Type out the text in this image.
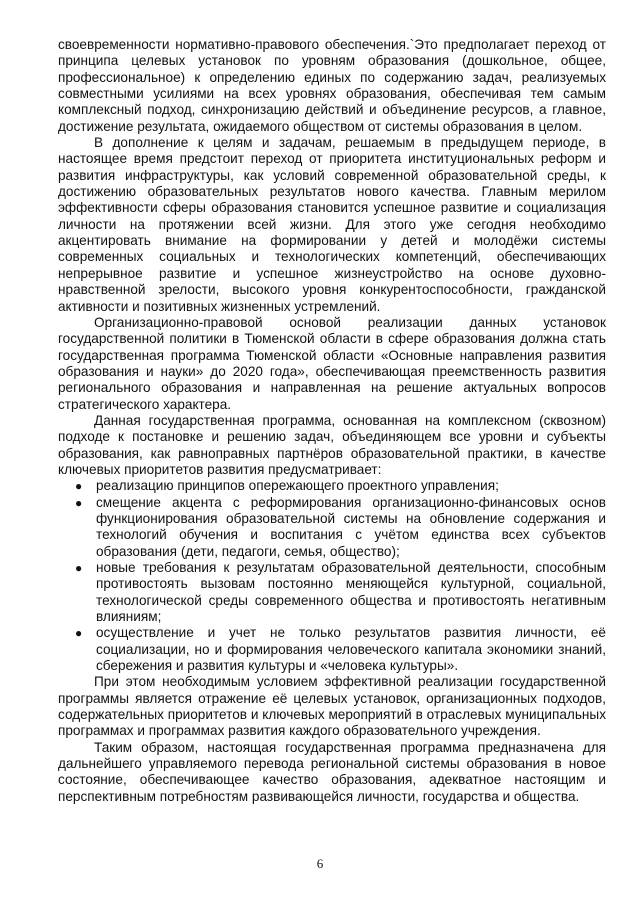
своевременности нормативно-правового обеспечения.`Это предполагает переход от принципа целевых установок по уровням образования (дошкольное, общее, профессиональное) к определению единых по содержанию задач, реализуемых совместными усилиями на всех уровнях образования, обеспечивая тем самым комплексный подход, синхронизацию действий и объединение ресурсов, а главное, достижение результата, ожидаемого обществом от системы образования в целом.

В дополнение к целям и задачам, решаемым в предыдущем периоде, в настоящее время предстоит переход от приоритета институциональных реформ и развития инфраструктуры, как условий современной образовательной среды, к достижению образовательных результатов нового качества. Главным мерилом эффективности сферы образования становится успешное развитие и социализация личности на протяжении всей жизни. Для этого уже сегодня необходимо акцентировать внимание на формировании у детей и молодёжи системы современных социальных и технологических компетенций, обеспечивающих непрерывное развитие и успешное жизнеустройство на основе духовно-нравственной зрелости, высокого уровня конкурентоспособности, гражданской активности и позитивных жизненных устремлений.

Организационно-правовой основой реализации данных установок государственной политики в Тюменской области в сфере образования должна стать государственная программа Тюменской области «Основные направления развития образования и науки» до 2020 года», обеспечивающая преемственность развития регионального образования и направленная на решение актуальных вопросов стратегического характера.

Данная государственная программа, основанная на комплексном (сквозном) подходе к постановке и решению задач, объединяющем все уровни и субъекты образования, как равноправных партнёров образовательной практики, в качестве ключевых приоритетов развития предусматривает:

● реализацию принципов опережающего проектного управления;
● смещение акцента с реформирования организационно-финансовых основ функционирования образовательной системы на обновление содержания и технологий обучения и воспитания с учётом единства всех субъектов образования (дети, педагоги, семья, общество);
● новые требования к результатам образовательной деятельности, способным противостоять вызовам постоянно меняющейся культурной, социальной, технологической среды современного общества и противостоять негативным влияниям;
● осуществление и учет не только результатов развития личности, её социализации, но и формирования человеческого капитала экономики знаний, сбережения и развития культуры и «человека культуры».

При этом необходимым условием эффективной реализации государственной программы является отражение её целевых установок, организационных подходов, содержательных приоритетов и ключевых мероприятий в отраслевых муниципальных программах и программах развития каждого образовательного учреждения.

Таким образом, настоящая государственная программа предназначена для дальнейшего управляемого перевода региональной системы образования в новое состояние, обеспечивающее качество образования, адекватное настоящим и перспективным потребностям развивающейся личности, государства и общества.

6
